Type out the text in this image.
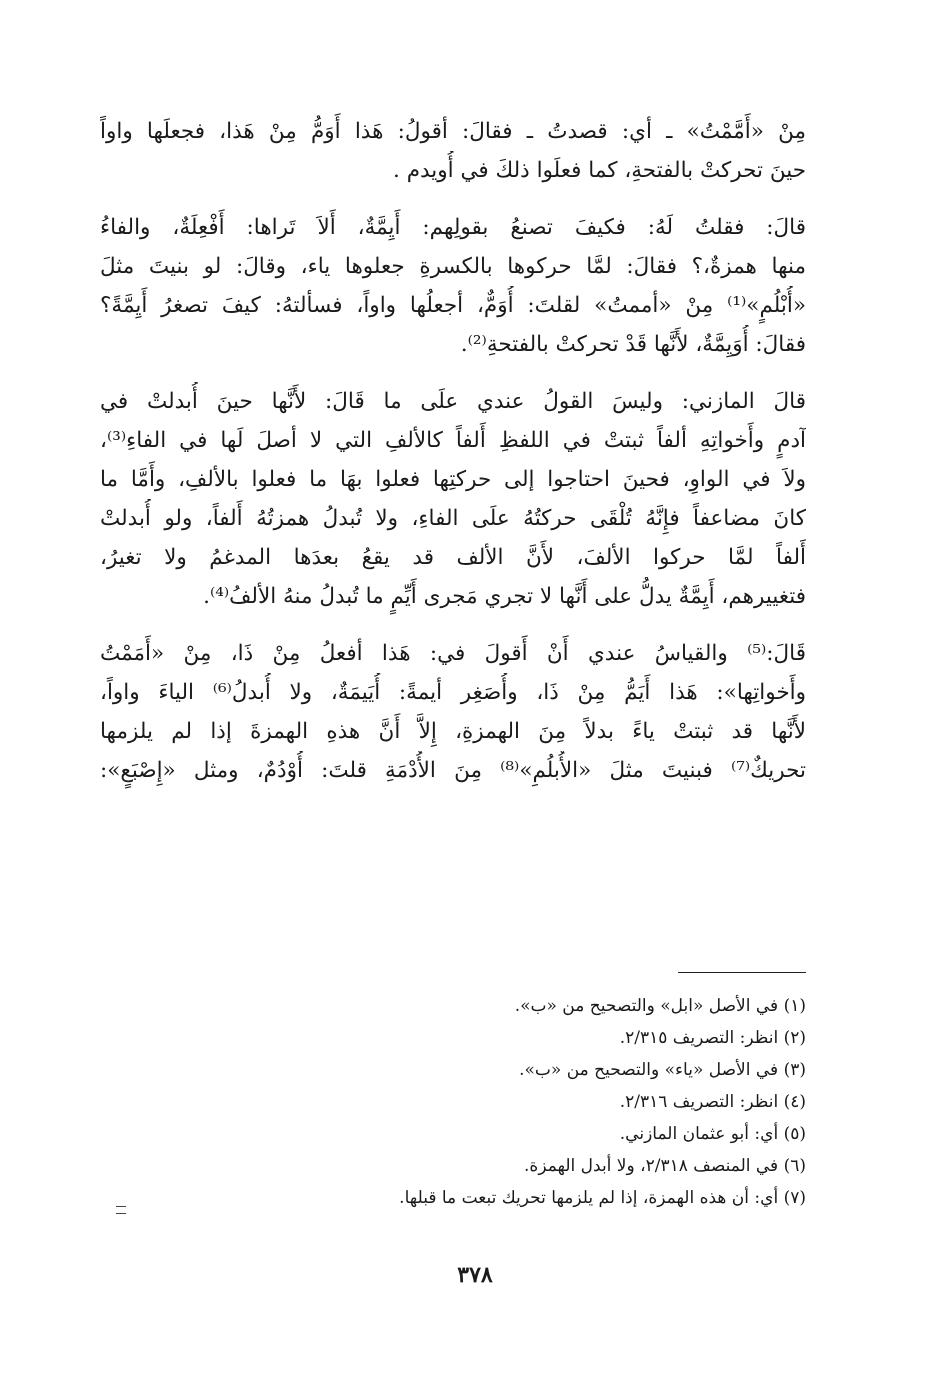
مِنْ «أَمَّمْتُ» ـ أي: قصدتُ ـ فقالَ: أقولُ: هَذا أَوَمُّ مِنْ هَذا، فجعلَها واواً
حينَ تحركتْ بالفتحةِ، كما فعلَوا ذلكَ في أُويدم .
قالَ: فقلتُ لَهُ: فكيفَ تصنعُ بقولِهم: أَيِمَّةٌ، أَلاَ تَراها: أَفْعِلَةٌ، والفاءُ
منها همزةٌ،؟ فقالَ: لمَّا حركوها بالكسرةِ جعلوها ياء، وقالَ: لو بنيتَ مثلَ
«أُبْلُمٍ»⁽¹⁾ مِنْ «أممتُ» لقلتَ: أُوَمٌّ، أجعلُها واواً، فسألتهُ: كيفَ تصغرُ أَيِمَّةً؟
فقالَ: أُوَيِمَّةٌ، لأَنَّها قَدْ تحركتْ بالفتحةِ⁽²⁾.
قالَ المازني: وليسَ القولُ عندي علَى ما قَالَ: لأَنَّها حينَ أُبدلتْ في
آدمٍ وأَخواتِهِ ألفاً ثبتتْ في اللفظِ أَلفاً كالألفِ التي لا أصلَ لَها في الفاءِ⁽³⁾،
ولاَ في الواوِ، فحينَ احتاجوا إلى حركتِها فعلوا بهَا ما فعلوا بالألفِ، وأَمَّا ما
كانَ مضاعفاً فإِنَّهُ تُلْقَى حركتُهُ علَى الفاءِ، ولا تُبدلُ همزتُهُ أَلفاً، ولو أُبدلتْ
أَلفاً لمَّا حركوا الألفَ، لأَنَّ الألف قد يقعُ بعدَها المدغمُ ولا تغيرُ،
فتغييرهم، أَيِمَّةٌ يدلُّ على أَنَّها لا تجري مَجرى أَيِّمٍ ما تُبدلُ منهُ الألفُ⁽⁴⁾.
قَالَ:⁽⁵⁾ والقياسُ عندي أَنْ أَقولَ في: هَذا أفعلُ مِنْ ذَا، مِنْ «أَمَمْتُ
وأَخواتِها»: هَذا أَيَمُّ مِنْ ذَا، وأُصَغِر أيمةً: أُيَيمَةٌ، ولا أُبدلُ⁽⁶⁾ الياءَ واواً،
لأَنَّها قد ثبتتْ ياءً بدلاً مِنَ الهمزةِ، إِلاَّ أَنَّ هذهِ الهمزةَ إذا لم يلزمها
تحريكٌ⁽⁷⁾ فبنيتَ مثلَ «الأُبلُمِ»⁽⁸⁾ مِنَ الأُدْمَةِ قلتَ: أُوْدُمٌ، ومثل «إِصْبَعٍ»:
(١) في الأصل «ابل» والتصحيح من «ب».
(٢) انظر: التصريف ٢/٣١٥.
(٣) في الأصل «ياء» والتصحيح من «ب».
(٤) انظر: التصريف ٢/٣١٦.
(٥) أي: أبو عثمان المازني.
(٦) في المنصف ٢/٣١٨، ولا أبدل الهمزة.
(٧) أي: أن هذه الهمزة، إذا لم يلزمها تحريك تبعت ما قبلها.
٣٧٨
